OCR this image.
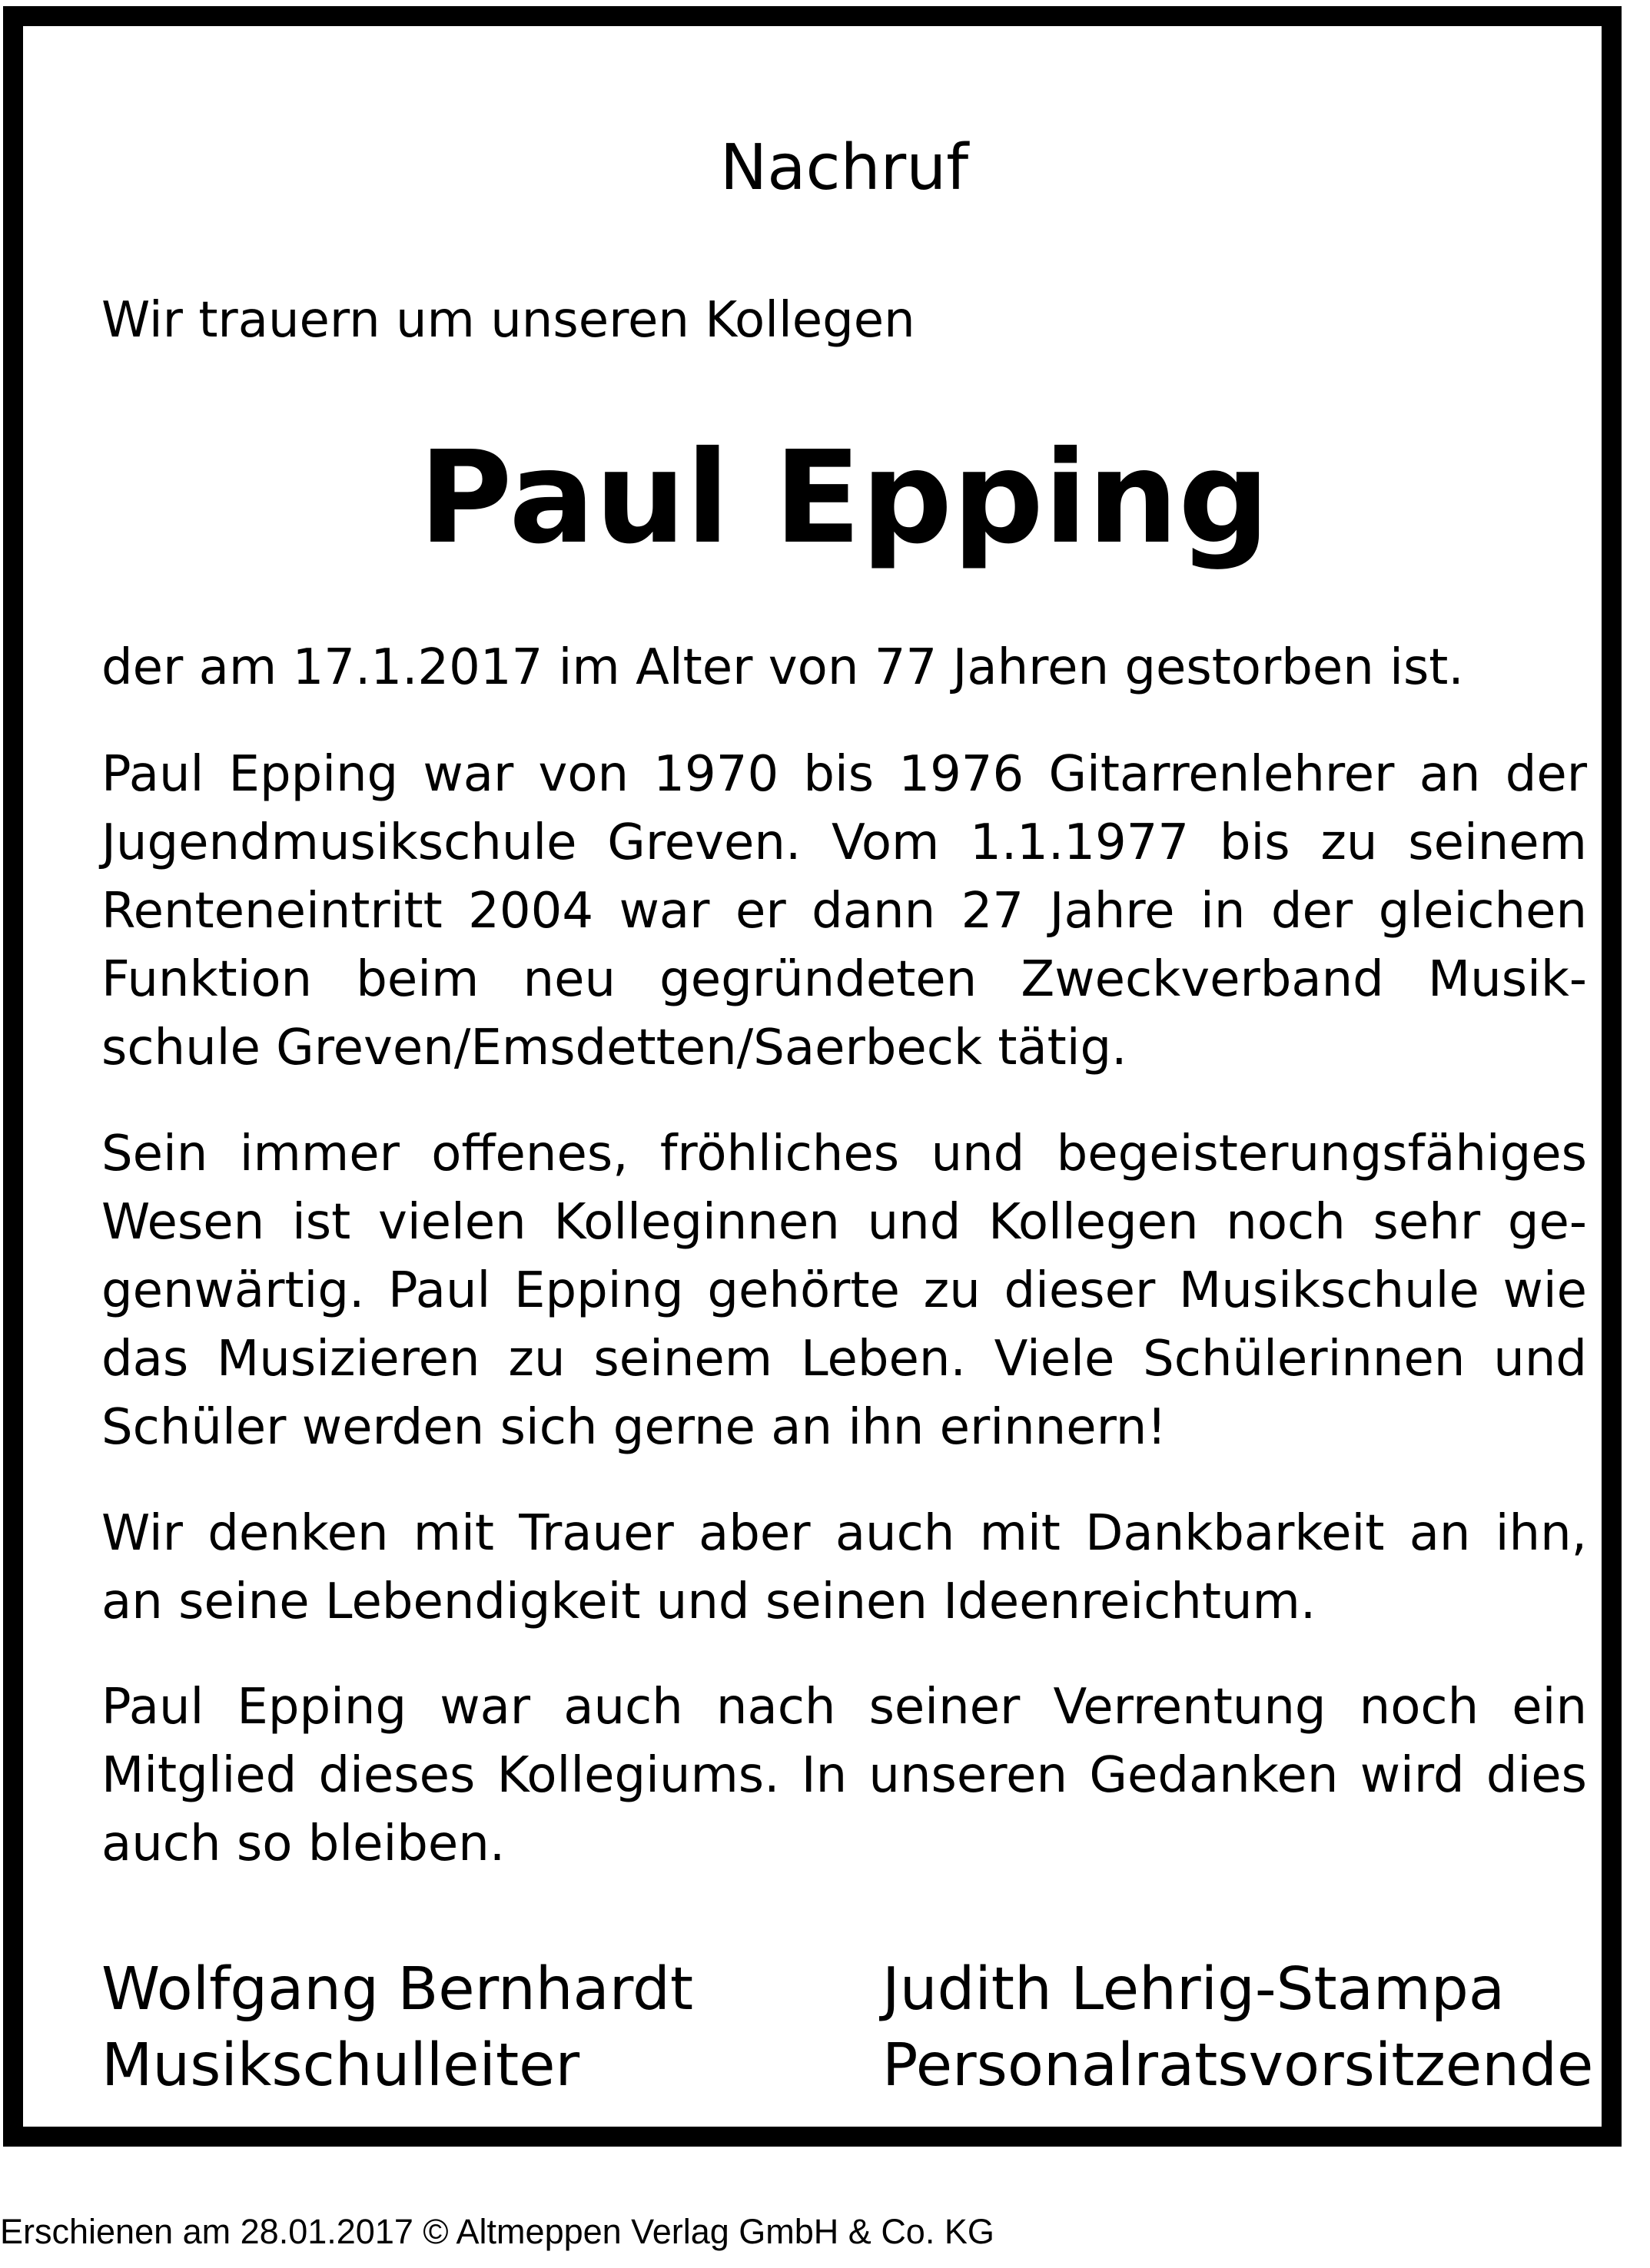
Nachruf
Wir trauern um unseren Kollegen
Paul Epping
der am 17.1.2017 im Alter von 77 Jahren gestorben ist.
Paul Epping war von 1970 bis 1976 Gitarrenlehrer an der
Jugendmusikschule Greven. Vom 1.1.1977 bis zu seinem
Renteneintritt 2004 war er dann 27 Jahre in der gleichen
Funktion beim neu gegründeten Zweckverband Musik-
schule Greven/Emsdetten/Saerbeck tätig.
Sein immer offenes, fröhliches und begeisterungsfähiges
Wesen ist vielen Kolleginnen und Kollegen noch sehr ge-
genwärtig. Paul Epping gehörte zu dieser Musikschule wie
das Musizieren zu seinem Leben. Viele Schülerinnen und
Schüler werden sich gerne an ihn erinnern!
Wir denken mit Trauer aber auch mit Dankbarkeit an ihn,
an seine Lebendigkeit und seinen Ideenreichtum.
Paul Epping war auch nach seiner Verrentung noch ein
Mitglied dieses Kollegiums. In unseren Gedanken wird dies
auch so bleiben.
Wolfgang Bernhardt
Musikschulleiter
Judith Lehrig-Stampa
Personalratsvorsitzende
Erschienen am 28.01.2017 © Altmeppen Verlag GmbH & Co. KG
